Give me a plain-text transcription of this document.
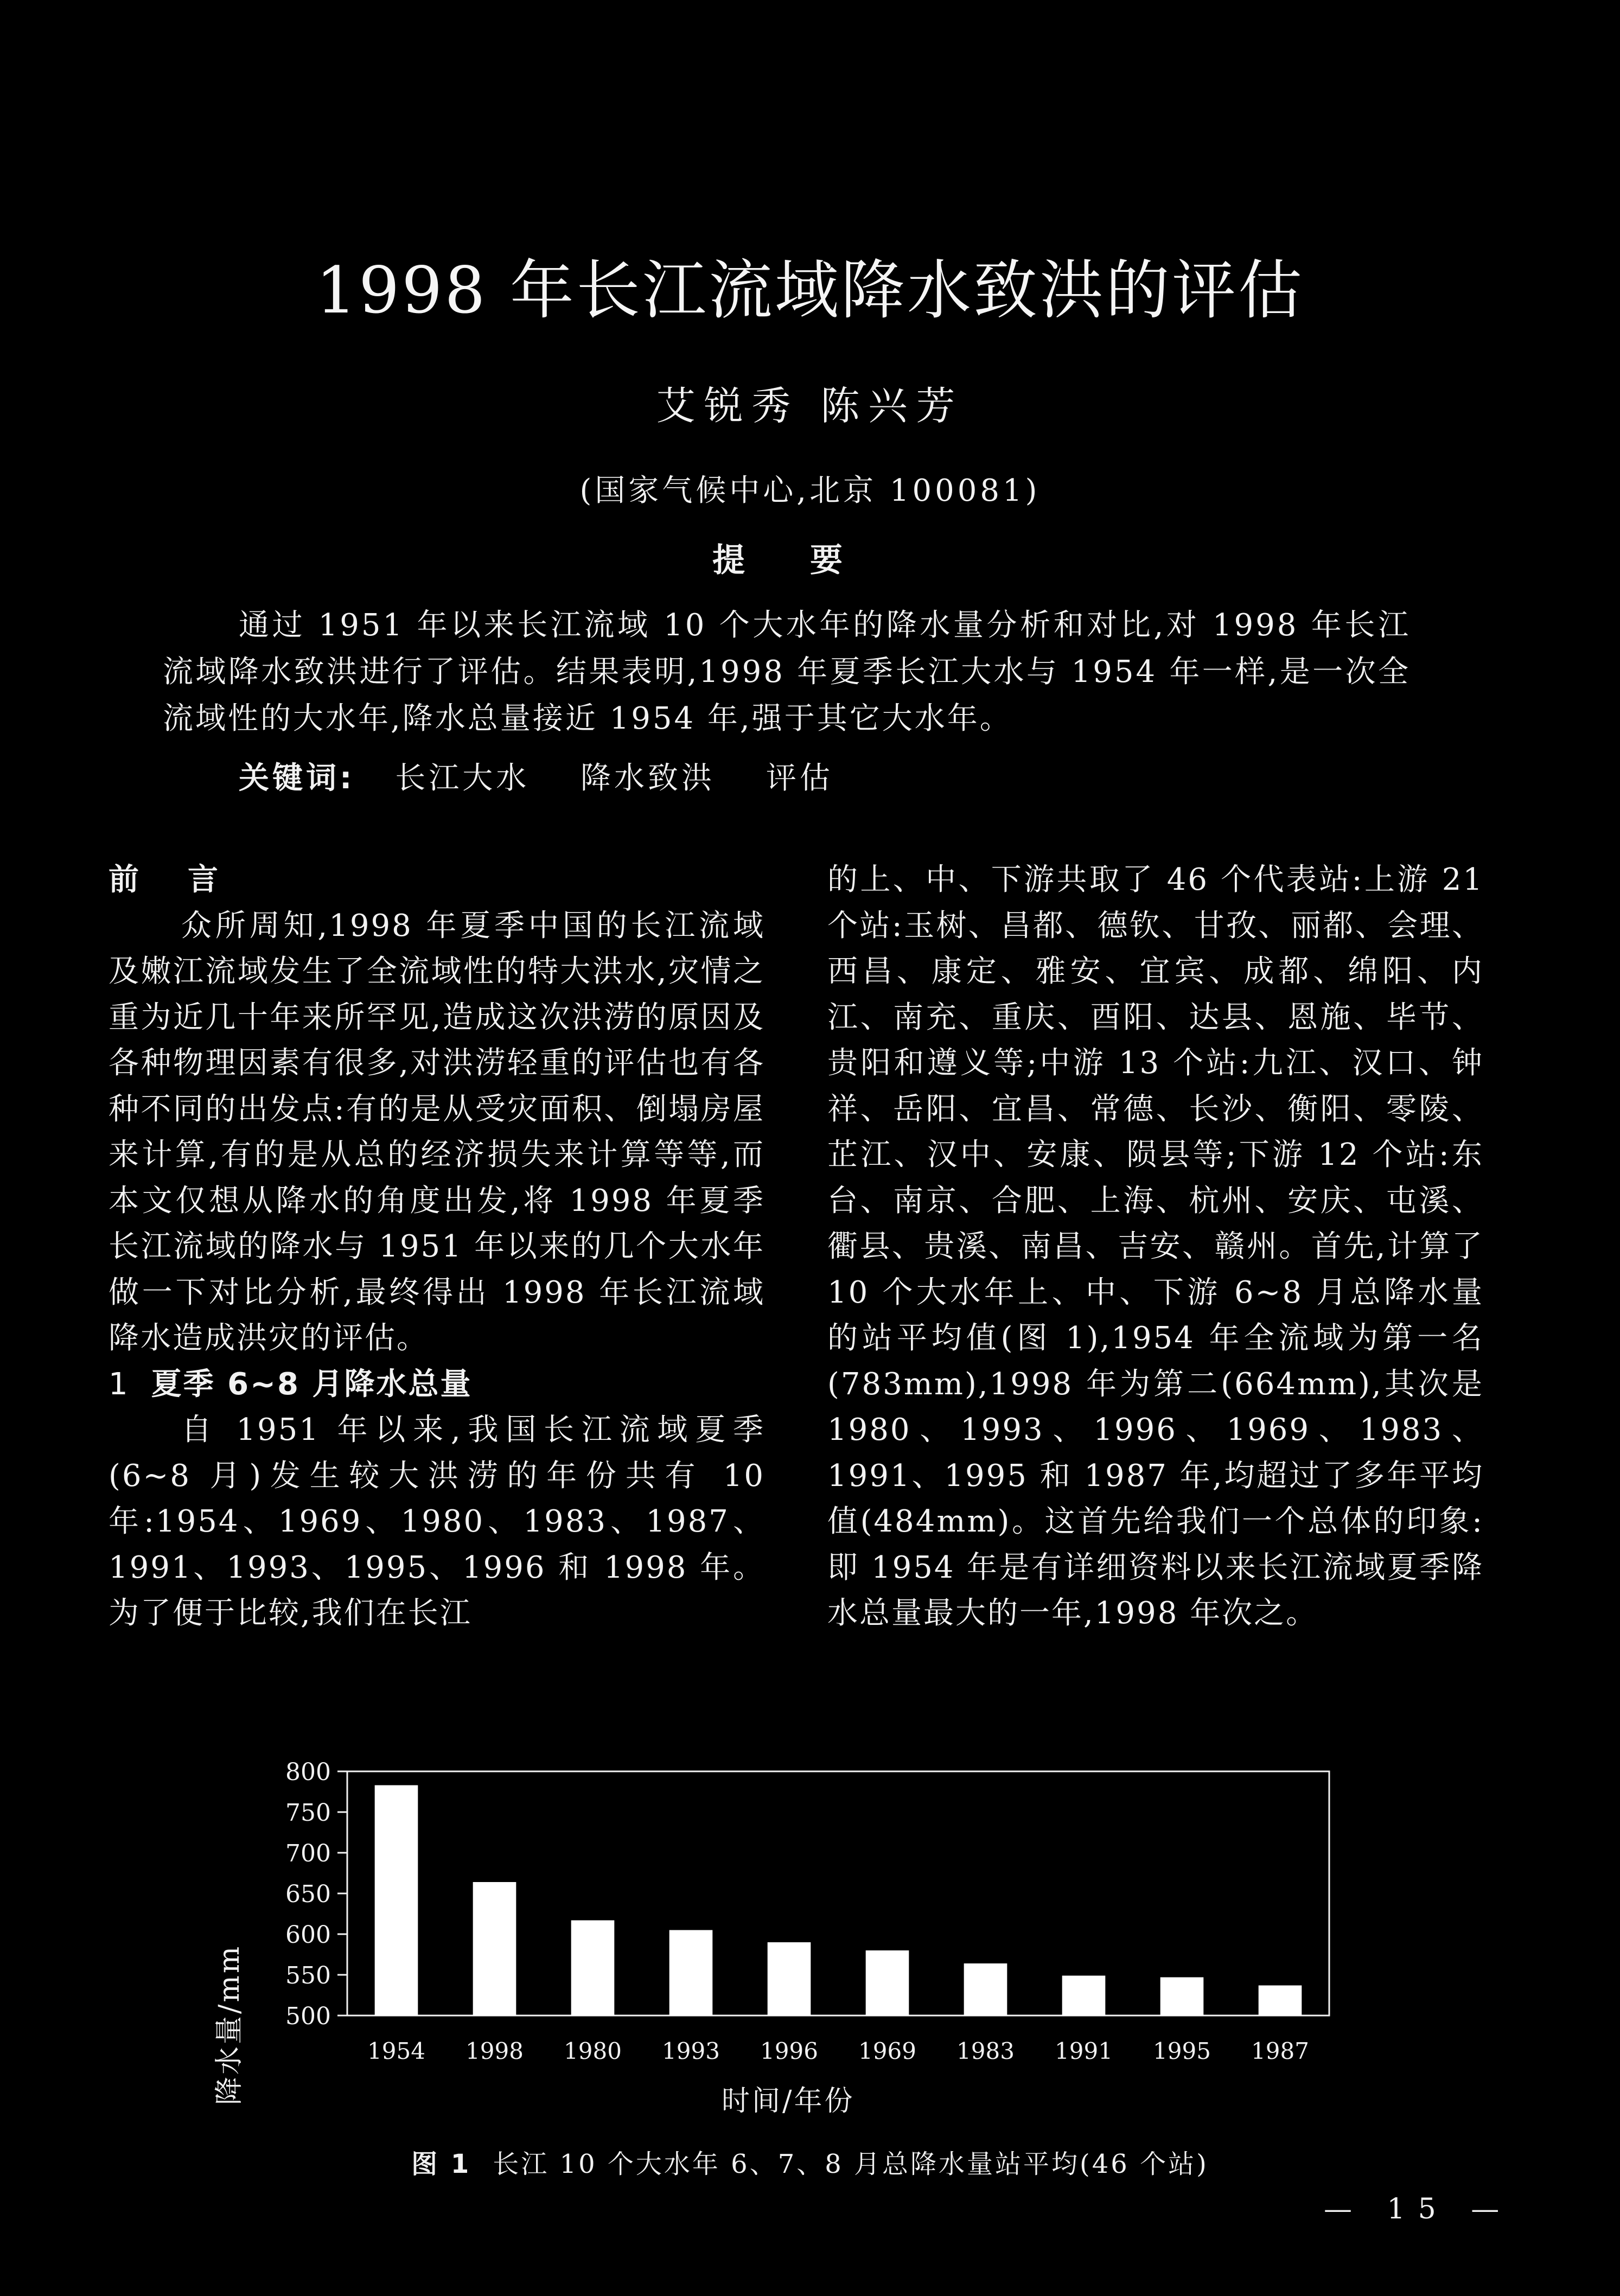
1998 年长江流域降水致洪的评估
艾锐秀 陈兴芳
(国家气候中心,北京 100081)
提要
通过 1951 年以来长江流域 10 个大水年的降水量分析和对比,对 1998 年长江流域降水致洪进行了评估。结果表明,1998 年夏季长江大水与 1954 年一样,是一次全流域性的大水年,降水总量接近 1954 年,强于其它大水年。
关键词: 长江大水 降水致洪 评估

前言

众所周知,1998 年夏季中国的长江流域及嫩江流域发生了全流域性的特大洪水,灾情之重为近几十年来所罕见,造成这次洪涝的原因及各种物理因素有很多,对洪涝轻重的评估也有各种不同的出发点:有的是从受灾面积、倒塌房屋来计算,有的是从总的经济损失来计算等等,而本文仅想从降水的角度出发,将 1998 年夏季长江流域的降水与 1951 年以来的几个大水年做一下对比分析,最终得出 1998 年长江流域降水造成洪灾的评估。

1 夏季 6~8 月降水总量

自 1951 年以来,我国长江流域夏季(6~8 月)发生较大洪涝的年份共有 10 年:1954、1969、1980、1983、1987、1991、1993、1995、1996 和 1998 年。为了便于比较,我们在长江

的上、中、下游共取了 46 个代表站:上游 21 个站:玉树、昌都、德钦、甘孜、丽都、会理、西昌、康定、雅安、宜宾、成都、绵阳、内江、南充、重庆、酉阳、达县、恩施、毕节、贵阳和遵义等;中游 13 个站:九江、汉口、钟祥、岳阳、宜昌、常德、长沙、衡阳、零陵、芷江、汉中、安康、陨县等;下游 12 个站:东台、南京、合肥、上海、杭州、安庆、屯溪、衢县、贵溪、南昌、吉安、赣州。首先,计算了 10 个大水年上、中、下游 6~8 月总降水量的站平均值(图 1),1954 年全流域为第一名(783mm),1998 年为第二(664mm),其次是 1980、1993、1996、1969、1983、1991、1995 和 1987 年,均超过了多年平均值(484mm)。这首先给我们一个总体的印象:即 1954 年是有详细资料以来长江流域夏季降水总量最大的一年,1998 年次之。

800
750
700
650
600
550
500
1954 1998 1980 1993 1996 1969 1983 1991 1995 1987
降水量/mm	时间/年份
图 1 长江 10 个大水年 6、7、8 月总降水量站平均(46 个站)
— 15 —
